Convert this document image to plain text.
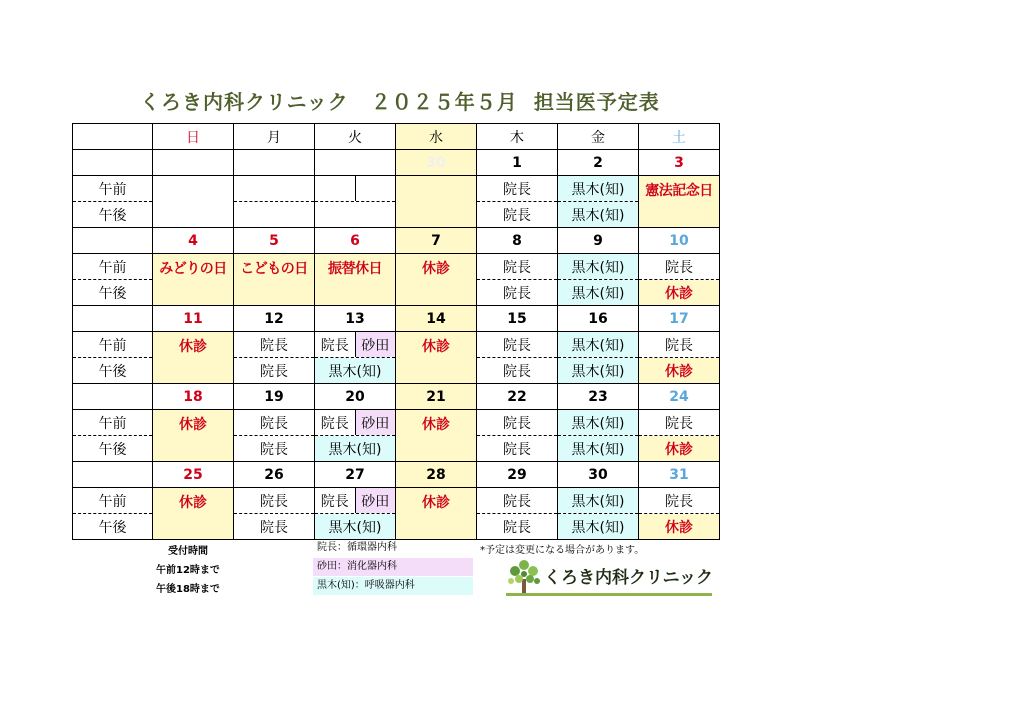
くろき内科クリニック ２０２５年５月 担当医予定表
	日	月	火	水	木	金	土
				30	1	2	3
午前					院長	黒木(知)	憲法記念日
午後					院長	黒木(知)	
	4	5	6	7	8	9	10
午前	みどりの日	こどもの日	振替休日	休診	院長	黒木(知)	院長
午後					院長	黒木(知)	休診
	11	12	13	14	15	16	17
午前	休診	院長	院長 砂田	休診	院長	黒木(知)	院長
午後		院長	黒木(知)		院長	黒木(知)	休診
	18	19	20	21	22	23	24
午前	休診	院長	院長 砂田	休診	院長	黒木(知)	院長
午後		院長	黒木(知)		院長	黒木(知)	休診
	25	26	27	28	29	30	31
午前	休診	院長	院長 砂田	休診	院長	黒木(知)	院長
午後		院長	黒木(知)		院長	黒木(知)	休診
受付時間
午前12時まで
午後18時まで
院長：循環器内科
砂田：消化器内科
黒木(知)：呼吸器内科
*予定は変更になる場合があります。
くろき内科クリニック
